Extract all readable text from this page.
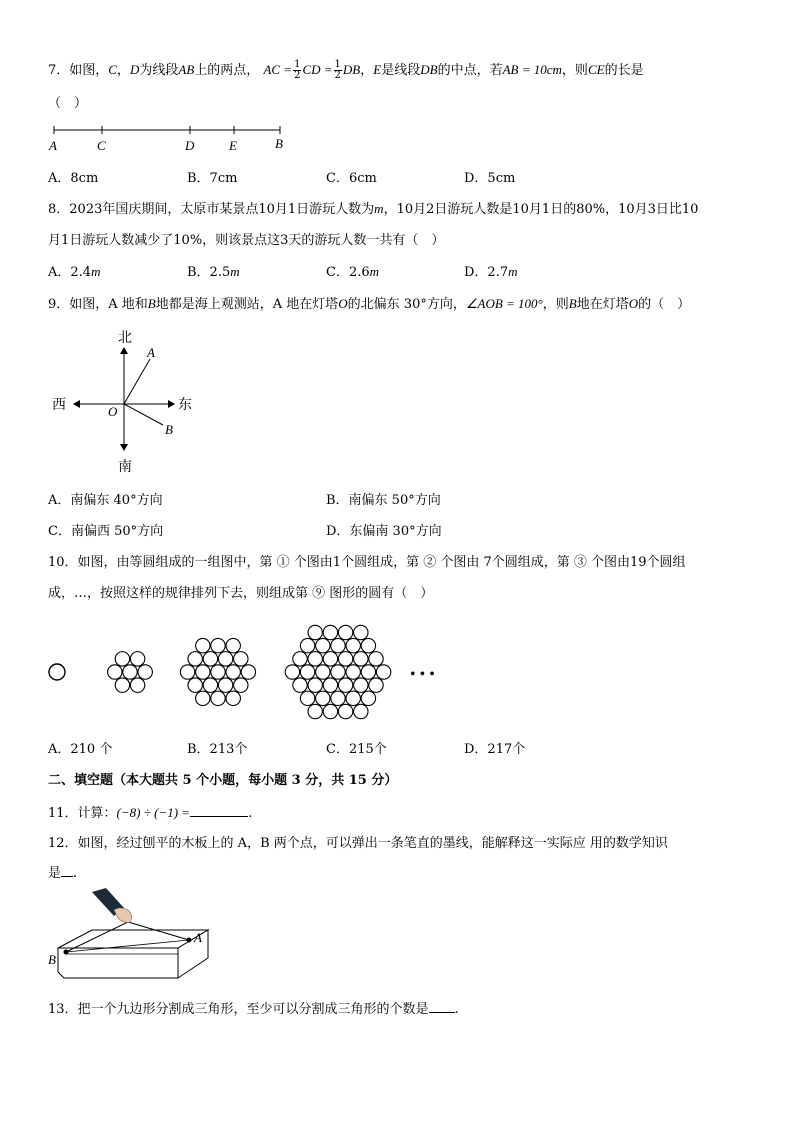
7．如图，C，D为线段AB上的两点， AC = $\frac{1}{2}$ CD = $\frac{1}{2}$ DB，E是线段DB的中点，若AB = 10cm，则CE的长是
（　）
A	C	D	E	B
A．8cm	B．7cm	C．6cm	D．5cm
8．2023年国庆期间，太原市某景点10月1日游玩人数为m，10月2日游玩人数是10月1日的80%，10月3日比10
月1日游玩人数减少了10%，则该景点这3天的游玩人数一共有（　）
A．2.4m	B．2.5m	C．2.6m	D．2.7m
9．如图，A 地和B地都是海上观测站，A 地在灯塔O的北偏东 30°方向，∠AOB = 100°，则B地在灯塔O的（　）
北
南
西	东
A
B
O
A．南偏东 40°方向	B．南偏东 50°方向
C．南偏西 50°方向	D．东偏南 30°方向
10．如图，由等圆组成的一组图中，第 ① 个图由1个圆组成，第 ② 个图由 7个圆组成，第 ③ 个图由19个圆组
成，…，按照这样的规律排列下去，则组成第 ⑨ 图形的圆有（　）
• • •
A．210 个	B．213个	C．215个	D．217个
二、填空题（本大题共 5 个小题，每小题 3 分，共 15 分）
11．计算：(−8) ÷ (−1) =	.
12．如图，经过刨平的木板上的 A，B 两个点，可以弹出一条笔直的墨线，能解释这一实际应 用的数学知识
是 .
A
B
13．把一个九边形分割成三角形，至少可以分割成三角形的个数是 .
